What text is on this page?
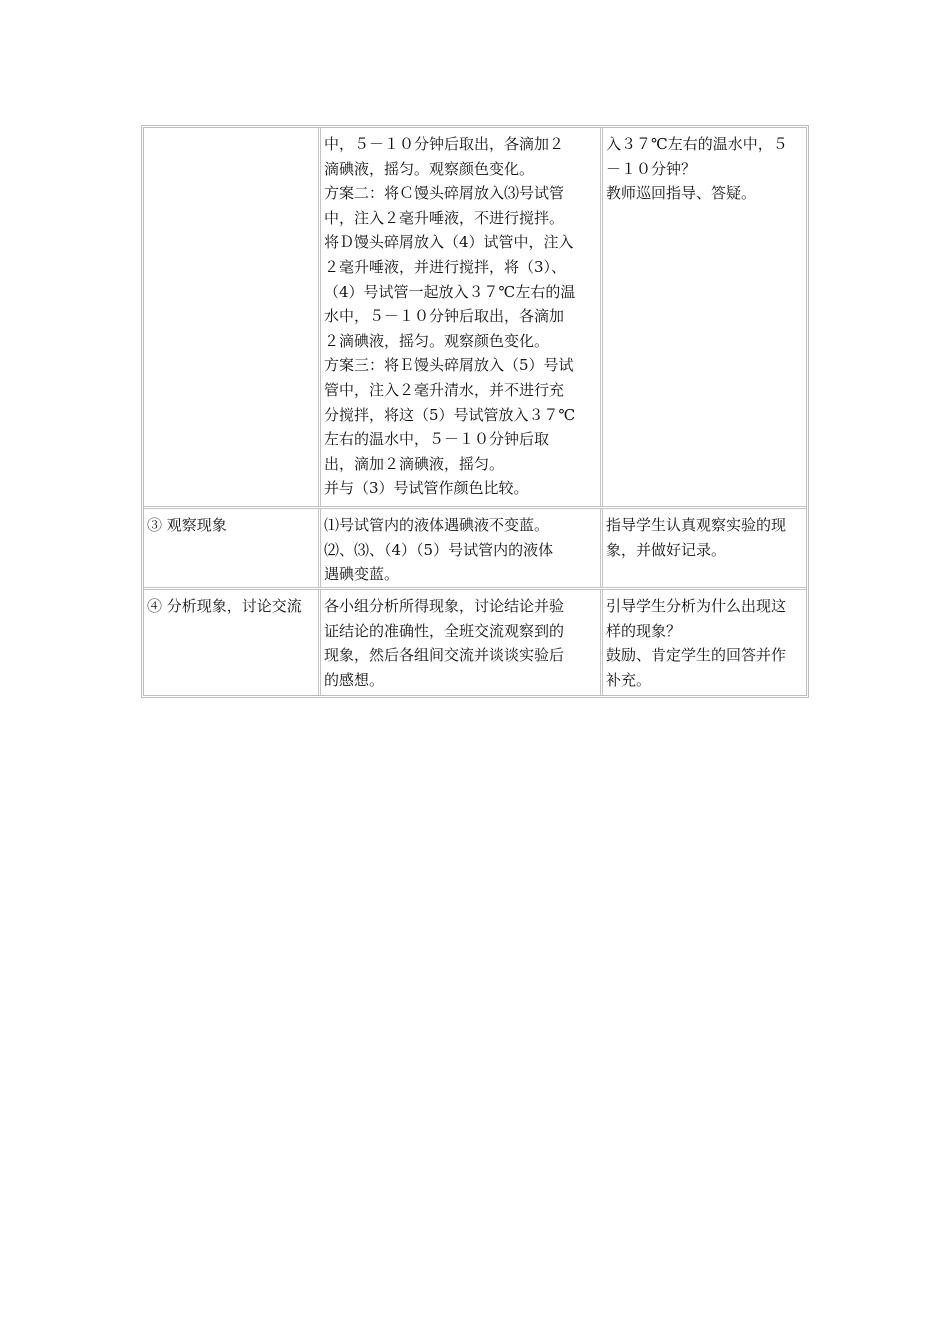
中，５－１０分钟后取出，各滴加２
滴碘液，摇匀。观察颜色变化。
方案二：将Ｃ馒头碎屑放入⑶号试管
中，注入２毫升唾液，不进行搅拌。
将Ｄ馒头碎屑放入（4）试管中，注入
２毫升唾液，并进行搅拌，将（3）、
（4）号试管一起放入３７℃左右的温
水中，５－１０分钟后取出，各滴加
２滴碘液，摇匀。观察颜色变化。
方案三：将Ｅ馒头碎屑放入（5）号试
管中，注入２毫升清水，并不进行充
分搅拌，将这（5）号试管放入３７℃
左右的温水中，５－１０分钟后取
出，滴加２滴碘液，摇匀。
并与（3）号试管作颜色比较。
入３７℃左右的温水中，５
－１０分钟？
教师巡回指导、答疑。
③ 观察现象	⑴号试管内的液体遇碘液不变蓝。
⑵、⑶、（4）（5）号试管内的液体
遇碘变蓝。
指导学生认真观察实验的现
象，并做好记录。
④ 分析现象，讨论交流	各小组分析所得现象，讨论结论并验
证结论的准确性，全班交流观察到的
现象，然后各组间交流并谈谈实验后
的感想。
引导学生分析为什么出现这
样的现象？
鼓励、肯定学生的回答并作
补充。
